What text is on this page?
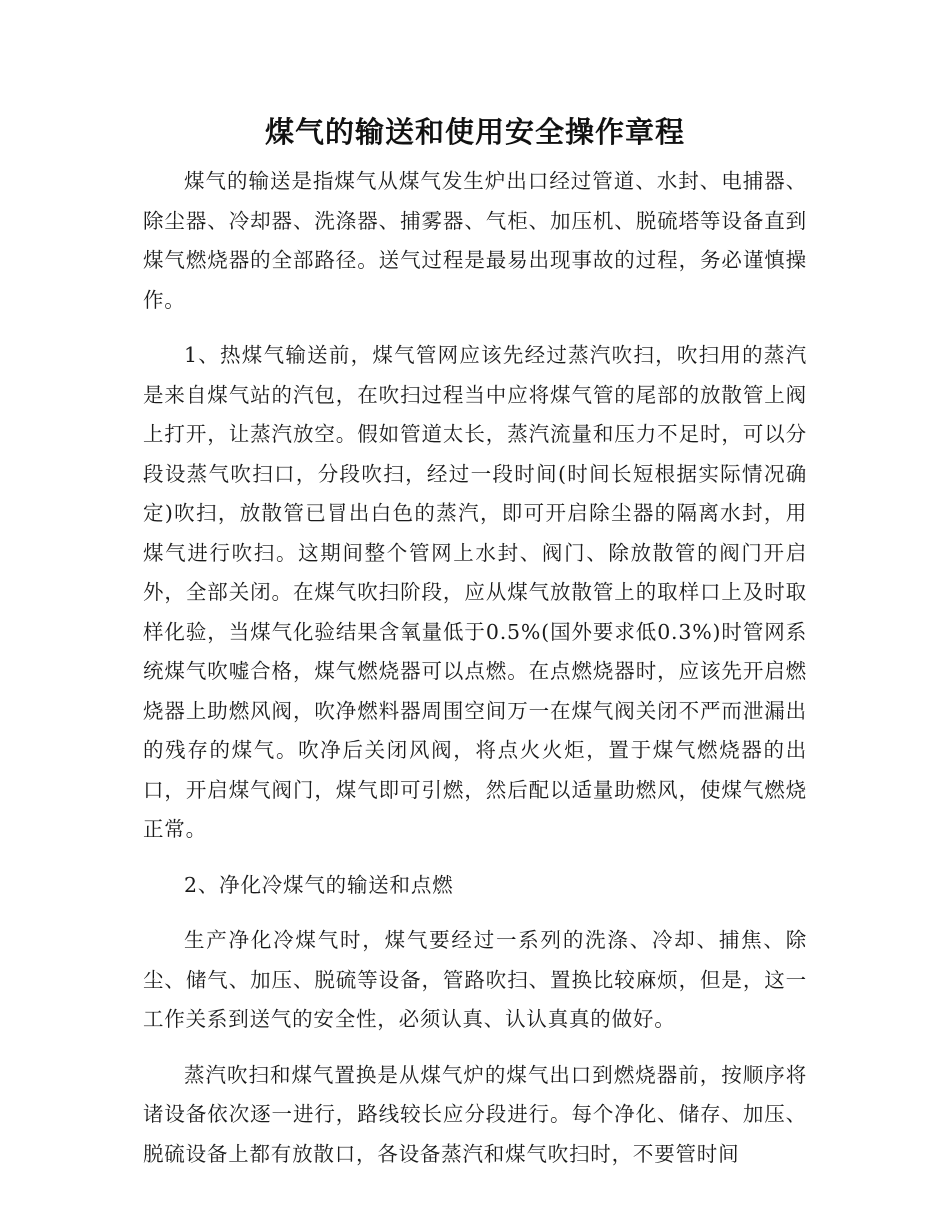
煤气的输送和使用安全操作章程

煤气的输送是指煤气从煤气发生炉出口经过管道、水封、电捕器、除尘器、冷却器、洗涤器、捕雾器、气柜、加压机、脱硫塔等设备直到煤气燃烧器的全部路径。送气过程是最易出现事故的过程，务必谨慎操作。

1、热煤气输送前，煤气管网应该先经过蒸汽吹扫，吹扫用的蒸汽是来自煤气站的汽包，在吹扫过程当中应将煤气管的尾部的放散管上阀上打开，让蒸汽放空。假如管道太长，蒸汽流量和压力不足时，可以分段设蒸气吹扫口，分段吹扫，经过一段时间(时间长短根据实际情况确定)吹扫，放散管已冒出白色的蒸汽，即可开启除尘器的隔离水封，用煤气进行吹扫。这期间整个管网上水封、阀门、除放散管的阀门开启外，全部关闭。在煤气吹扫阶段，应从煤气放散管上的取样口上及时取样化验，当煤气化验结果含氧量低于0.5%(国外要求低0.3%)时管网系统煤气吹嘘合格，煤气燃烧器可以点燃。在点燃烧器时，应该先开启燃烧器上助燃风阀，吹净燃料器周围空间万一在煤气阀关闭不严而泄漏出的残存的煤气。吹净后关闭风阀，将点火火炬，置于煤气燃烧器的出口，开启煤气阀门，煤气即可引燃，然后配以适量助燃风，使煤气燃烧正常。

2、净化冷煤气的输送和点燃

生产净化冷煤气时，煤气要经过一系列的洗涤、冷却、捕焦、除尘、储气、加压、脱硫等设备，管路吹扫、置换比较麻烦，但是，这一工作关系到送气的安全性，必须认真、认认真真的做好。

蒸汽吹扫和煤气置换是从煤气炉的煤气出口到燃烧器前，按顺序将诸设备依次逐一进行，路线较长应分段进行。每个净化、储存、加压、脱硫设备上都有放散口，各设备蒸汽和煤气吹扫时，不要管时间
